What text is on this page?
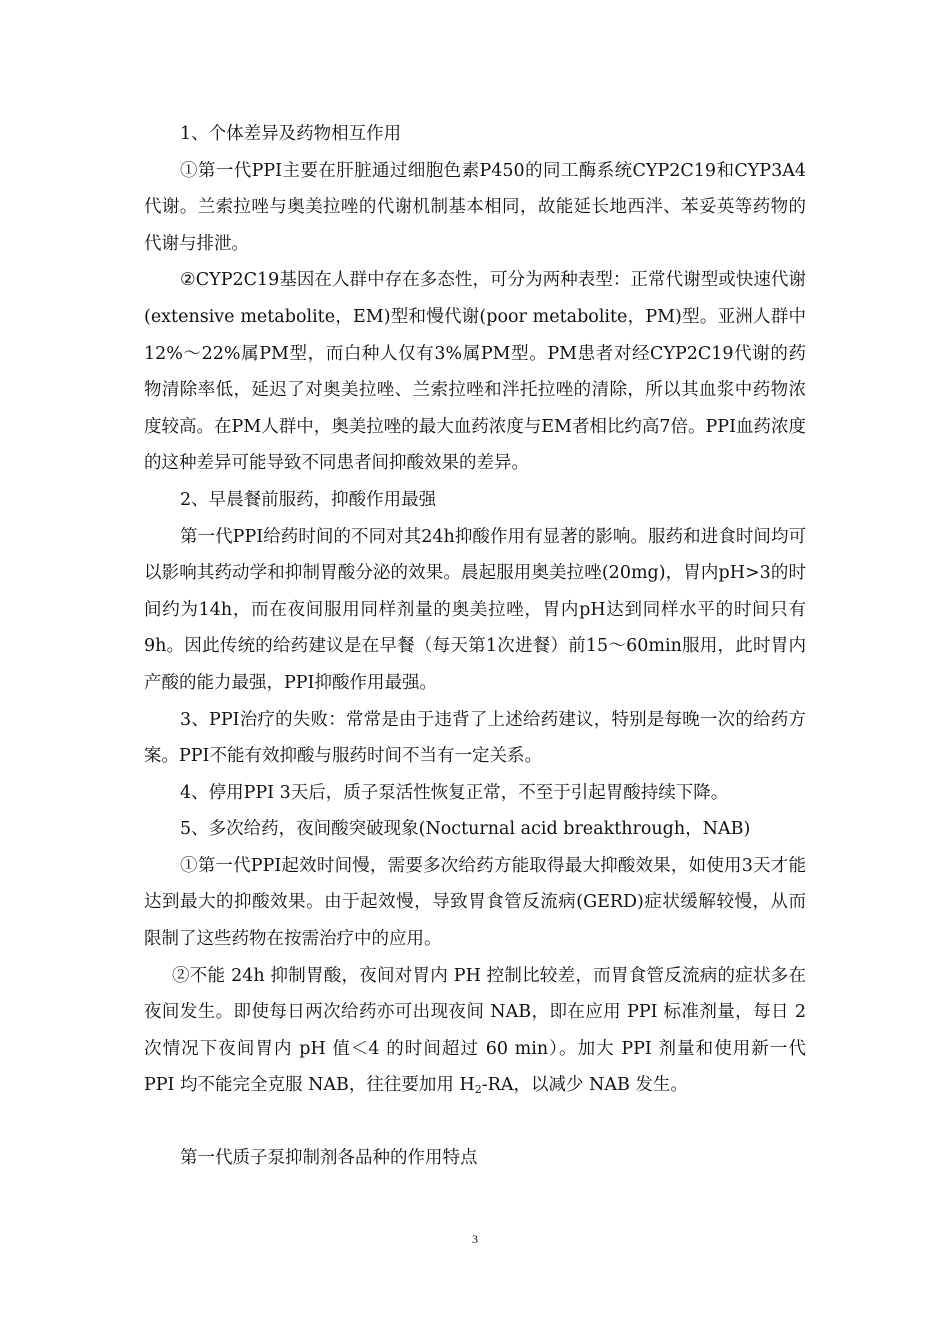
1、个体差异及药物相互作用

①第一代PPI主要在肝脏通过细胞色素P450的同工酶系统CYP2C19和CYP3A4代谢。兰索拉唑与奥美拉唑的代谢机制基本相同，故能延长地西泮、苯妥英等药物的代谢与排泄。

②CYP2C19基因在人群中存在多态性，可分为两种表型：正常代谢型或快速代谢(extensive metabolite，EM)型和慢代谢(poor metabolite，PM)型。亚洲人群中12%～22%属PM型，而白种人仅有3%属PM型。PM患者对经CYP2C19代谢的药物清除率低，延迟了对奥美拉唑、兰索拉唑和泮托拉唑的清除，所以其血浆中药物浓度较高。在PM人群中，奥美拉唑的最大血药浓度与EM者相比约高7倍。PPI血药浓度的这种差异可能导致不同患者间抑酸效果的差异。

2、早晨餐前服药，抑酸作用最强

第一代PPI给药时间的不同对其24h抑酸作用有显著的影响。服药和进食时间均可以影响其药动学和抑制胃酸分泌的效果。晨起服用奥美拉唑(20mg)，胃内pH>3的时间约为14h，而在夜间服用同样剂量的奥美拉唑，胃内pH达到同样水平的时间只有9h。因此传统的给药建议是在早餐（每天第1次进餐）前15～60min服用，此时胃内产酸的能力最强，PPI抑酸作用最强。

3、PPI治疗的失败：常常是由于违背了上述给药建议，特别是每晚一次的给药方案。PPI不能有效抑酸与服药时间不当有一定关系。

4、停用PPI 3天后，质子泵活性恢复正常，不至于引起胃酸持续下降。

5、多次给药，夜间酸突破现象(Nocturnal acid breakthrough，NAB)

①第一代PPI起效时间慢，需要多次给药方能取得最大抑酸效果，如使用3天才能达到最大的抑酸效果。由于起效慢，导致胃食管反流病(GERD)症状缓解较慢，从而限制了这些药物在按需治疗中的应用。

②不能 24h 抑制胃酸，夜间对胃内 PH 控制比较差，而胃食管反流病的症状多在夜间发生。即使每日两次给药亦可出现夜间 NAB，即在应用 PPI 标准剂量，每日 2 次情况下夜间胃内 pH 值＜4 的时间超过 60 min）。加大 PPI 剂量和使用新一代 PPI 均不能完全克服 NAB，往往要加用 $H_2-RA$，以减少 NAB 发生。

第一代质子泵抑制剂各品种的作用特点

3
